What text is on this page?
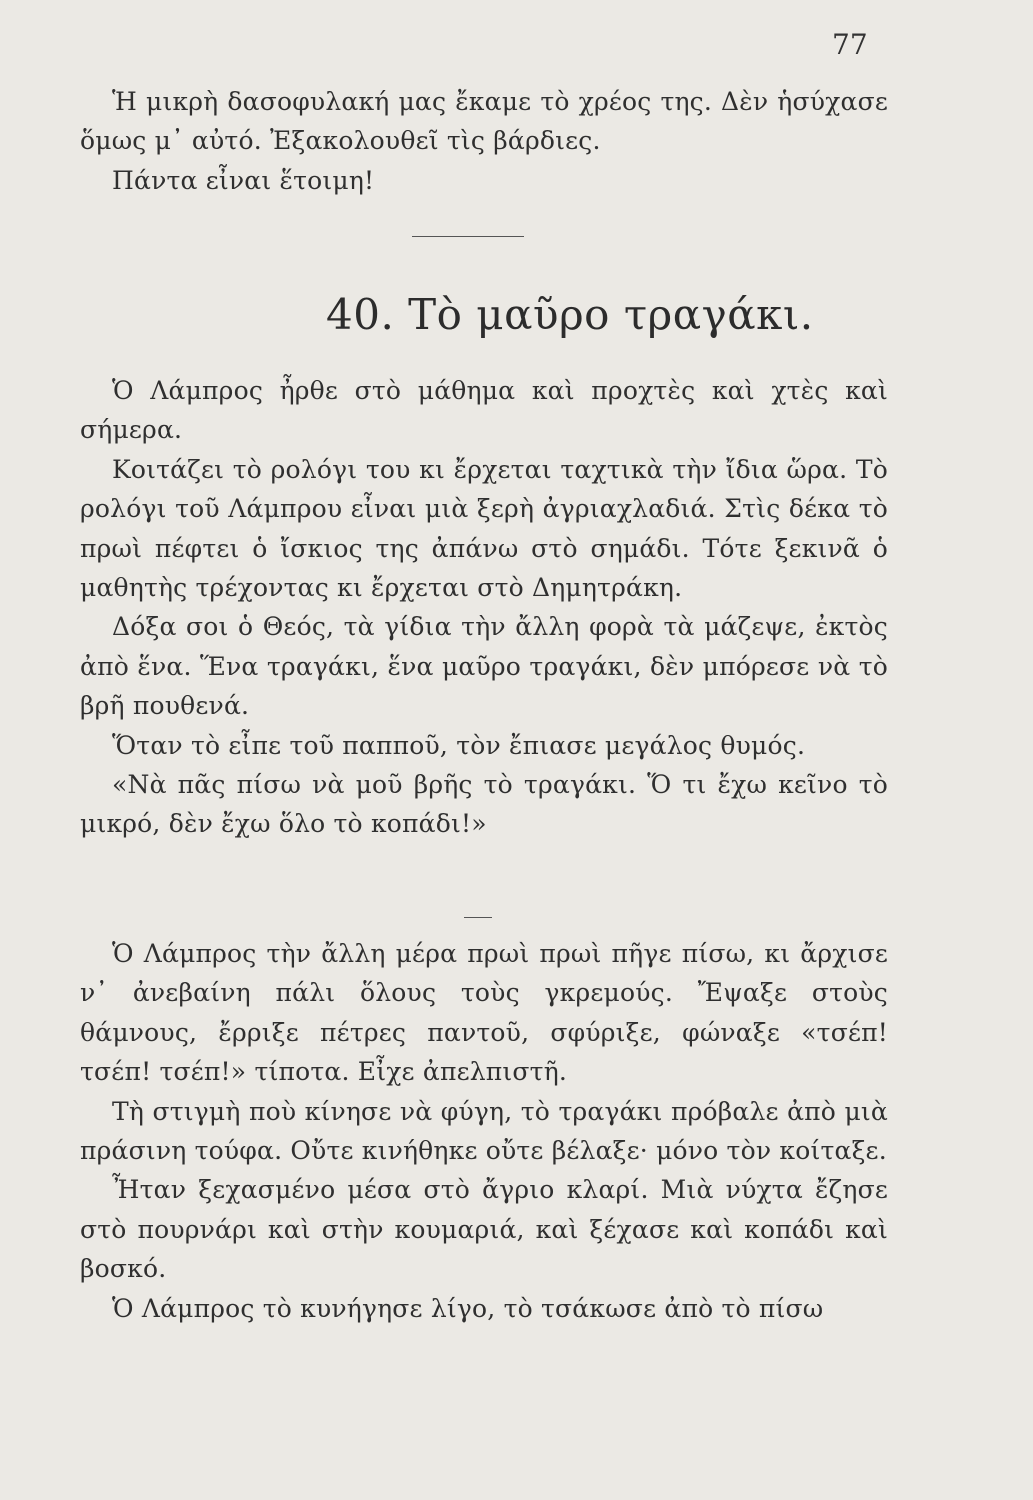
77

Ἡ μικρὴ δασοφυλακή μας ἔκαμε τὸ χρέος της. Δὲν ἡσύχασε ὅμως μ᾽ αὐτό. Ἐξακολουθεῖ τὶς βάρδιες.

Πάντα εἶναι ἕτοιμη!

40. Τὸ μαῦρο τραγάκι.

Ὁ Λάμπρος ἦρθε στὸ μάθημα καὶ προχτὲς καὶ χτὲς καὶ σήμερα.

Κοιτάζει τὸ ρολόγι του κι ἔρχεται ταχτικὰ τὴν ἴδια ὥρα. Τὸ ρολόγι τοῦ Λάμπρου εἶναι μιὰ ξερὴ ἀγριαχλαδιά. Στὶς δέκα τὸ πρωὶ πέφτει ὁ ἴσκιος της ἀπάνω στὸ σημάδι. Τότε ξεκινᾶ ὁ μαθητὴς τρέχοντας κι ἔρχεται στὸ Δημητράκη.

Δόξα σοι ὁ Θεός, τὰ γίδια τὴν ἄλλη φορὰ τὰ μάζεψε, ἐκτὸς ἀπὸ ἕνα. Ἕνα τραγάκι, ἕνα μαῦρο τραγάκι, δὲν μπόρεσε νὰ τὸ βρῆ πουθενά.

Ὅταν τὸ εἶπε τοῦ παπποῦ, τὸν ἔπιασε μεγάλος θυμός.

«Νὰ πᾶς πίσω νὰ μοῦ βρῆς τὸ τραγάκι. Ὅ τι ἔχω κεῖνο τὸ μικρό, δὲν ἔχω ὅλο τὸ κοπάδι!»

Ὁ Λάμπρος τὴν ἄλλη μέρα πρωὶ πρωὶ πῆγε πίσω, κι ἄρχισε ν᾽ ἀνεβαίνη πάλι ὅλους τοὺς γκρεμούς. Ἔψαξε στοὺς θάμνους, ἔρριξε πέτρες παντοῦ, σφύριξε, φώναξε «τσέπ! τσέπ! τσέπ!» τίποτα. Εἶχε ἀπελπιστῆ.

Τὴ στιγμὴ ποὺ κίνησε νὰ φύγη, τὸ τραγάκι πρόβαλε ἀπὸ μιὰ πράσινη τούφα. Οὔτε κινήθηκε οὔτε βέλαξε· μόνο τὸν κοίταξε.

Ἦταν ξεχασμένο μέσα στὸ ἄγριο κλαρί. Μιὰ νύχτα ἔζησε στὸ πουρνάρι καὶ στὴν κουμαριά, καὶ ξέχασε καὶ κοπάδι καὶ βοσκό.

Ὁ Λάμπρος τὸ κυνήγησε λίγο, τὸ τσάκωσε ἀπὸ τὸ πίσω
